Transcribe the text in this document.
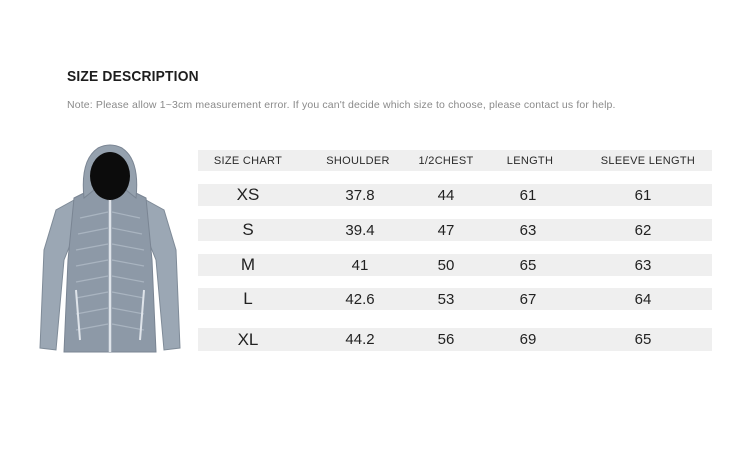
SIZE DESCRIPTION
Note: Please allow 1~3cm measurement error. If you can't decide which size to choose, please contact us for help.
SIZE CHART	SHOULDER	1/2CHEST	LENGTH	SLEEVE LENGTH
XS	37.8	44	61	61
S	39.4	47	63	62
M	41	50	65	63
L	42.6	53	67	64
XL	44.2	56	69	65
